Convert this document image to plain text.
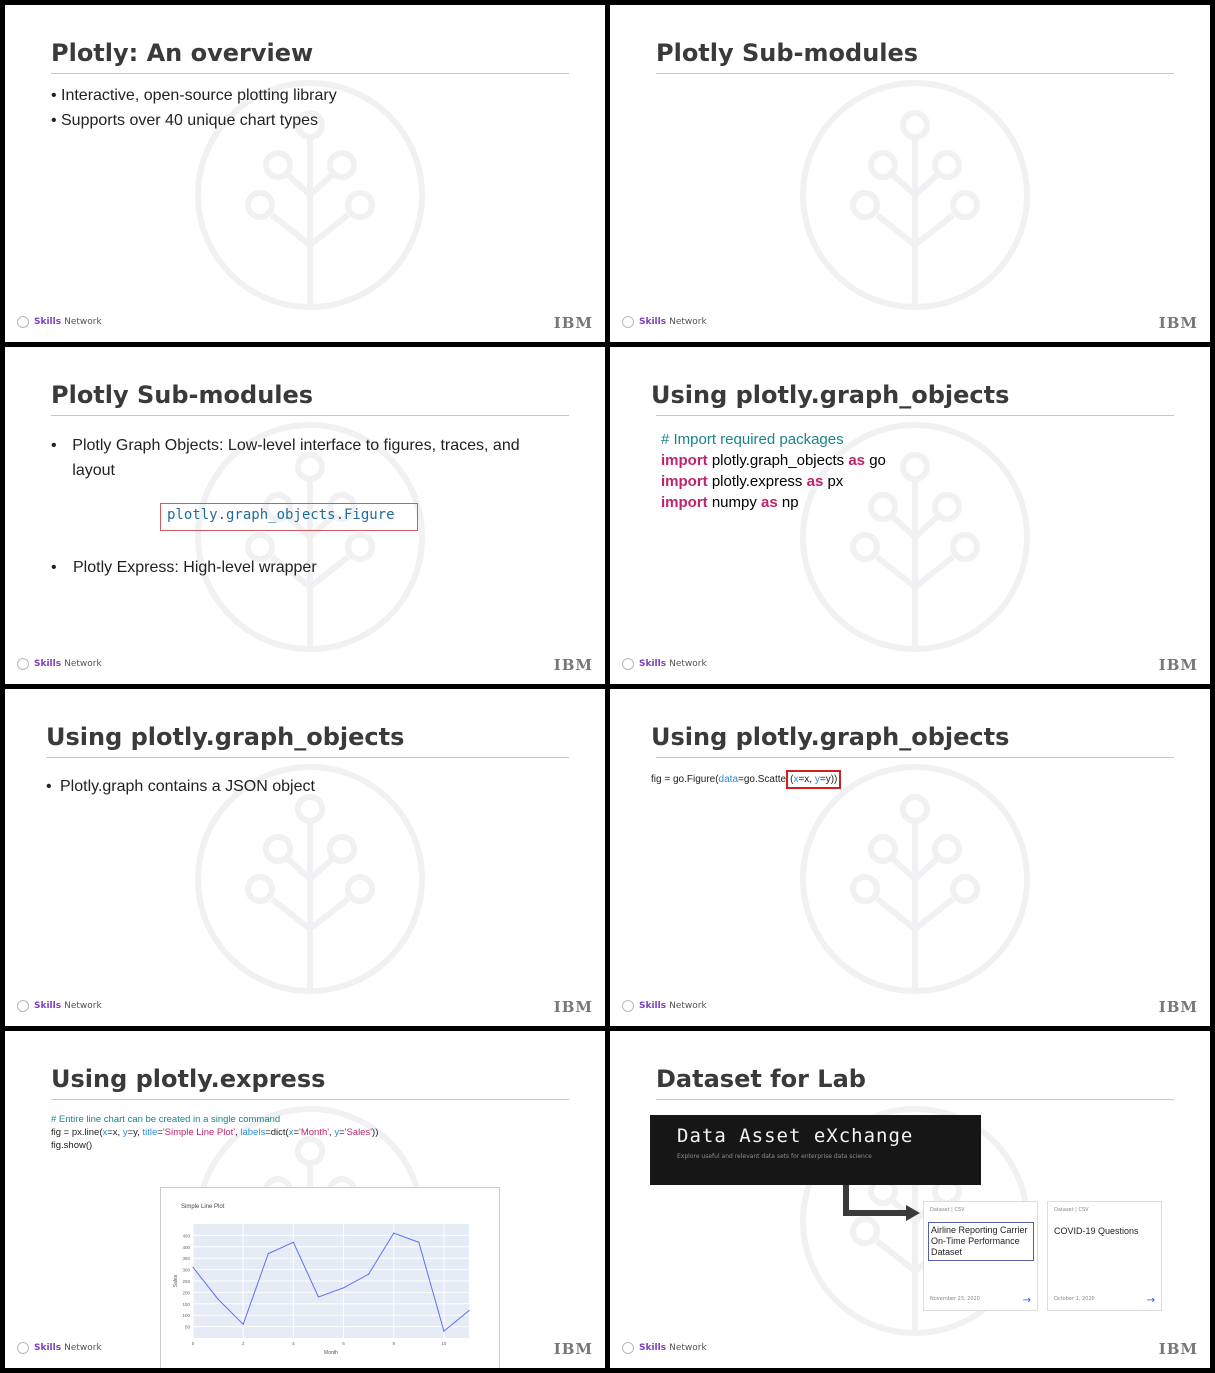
Plotly: An overview
• Interactive, open-source plotting library
• Supports over 40 unique chart types
Skills Network	IBM
Plotly Sub-modules
Skills Network	IBM
Plotly Sub-modules
• Plotly Graph Objects: Low-level interface to figures, traces, and layout
plotly.graph_objects.Figure
•	Plotly Express: High-level wrapper
Skills Network	IBM
Using plotly.graph_objects
# Import required packages
import plotly.graph_objects as go
import plotly.express as px
import numpy as np
Skills Network	IBM
Using plotly.graph_objects
• Plotly.graph contains a JSON object
Skills Network	IBM
Using plotly.graph_objects
fig = go.Figure(data=go.Scatte (x=x, y=y))
Skills Network	IBM
Using plotly.express
# Entire line chart can be created in a single command
fig = px.line(x=x, y=y, title='Simple Line Plot', labels=dict(x='Month', y='Sales'))
fig.show()
Simple Line Plot
50
100
150
200
250
300
350
400
450
0	2	4	6	8	10
Month
Sales
Skills Network	IBM
Dataset for Lab
Data Asset eXchange
Explore useful and relevant data sets for enterprise data science
Dataset | CSV
Airline Reporting Carrier On-Time Performance Dataset
November 23, 2020	→
Dataset | CSV
COVID-19 Questions
October 1, 2020	→
Skills Network	IBM
